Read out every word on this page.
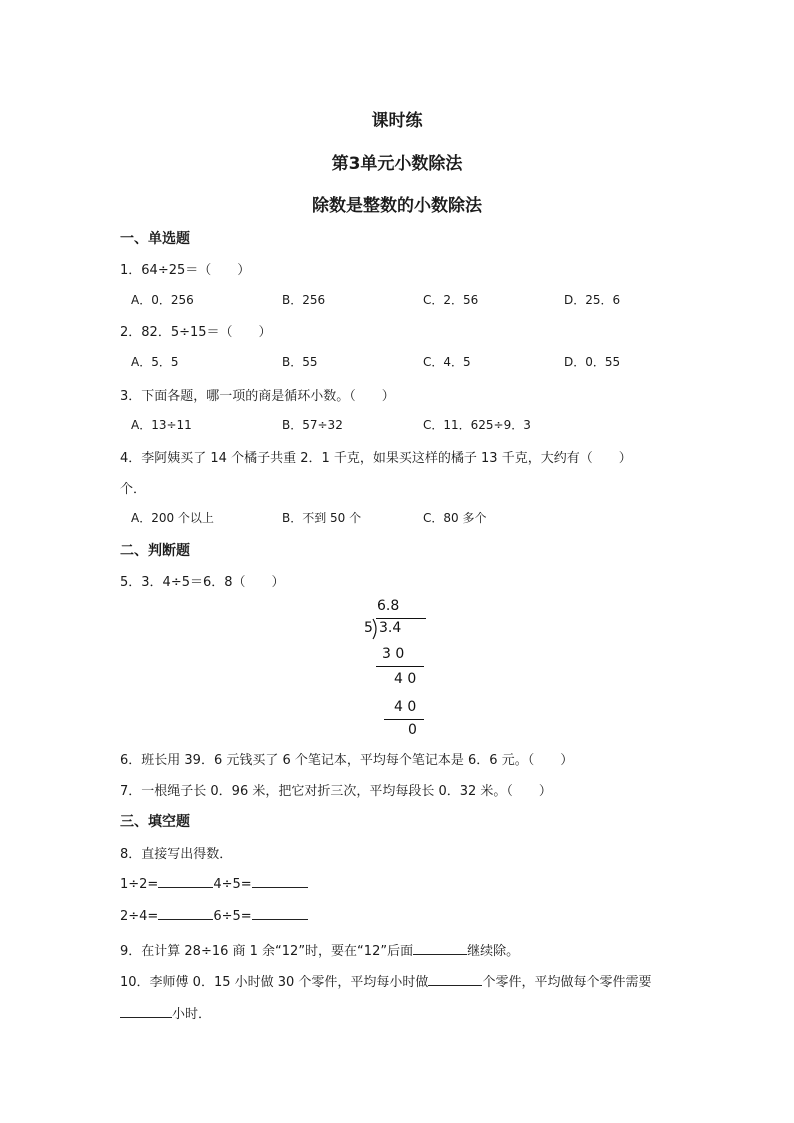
课时练
第3单元小数除法
除数是整数的小数除法
一、单选题
1．64÷25＝（　　）
A．0．256	B．256	C．2．56	D．25．6
2．82．5÷15＝（　　）
A．5．5	B．55	C．4．5	D．0．55
3．下面各题，哪一项的商是循环小数。（　　）
A．13÷11	B．57÷32	C．11．625÷9．3
4．李阿姨买了 14 个橘子共重 2．1 千克，如果买这样的橘子 13 千克，大约有（　　）
个．
A．200 个以上	B．不到 50 个	C．80 多个
二、判断题
5．3．4÷5＝6．8（　　）
6.8
5 3.4
3 0
4 0
4 0
0
6．班长用 39．6 元钱买了 6 个笔记本，平均每个笔记本是 6．6 元。（　　）
7．一根绳子长 0．96 米，把它对折三次，平均每段长 0．32 米。（　　）
三、填空题
8．直接写出得数．
1÷2=	4÷5=
2÷4=	6÷5=
9．在计算 28÷16 商 1 余“12”时，要在“12”后面	继续除。
10．李师傅 0．15 小时做 30 个零件，平均每小时做	个零件，平均做每个零件需要
小时．
